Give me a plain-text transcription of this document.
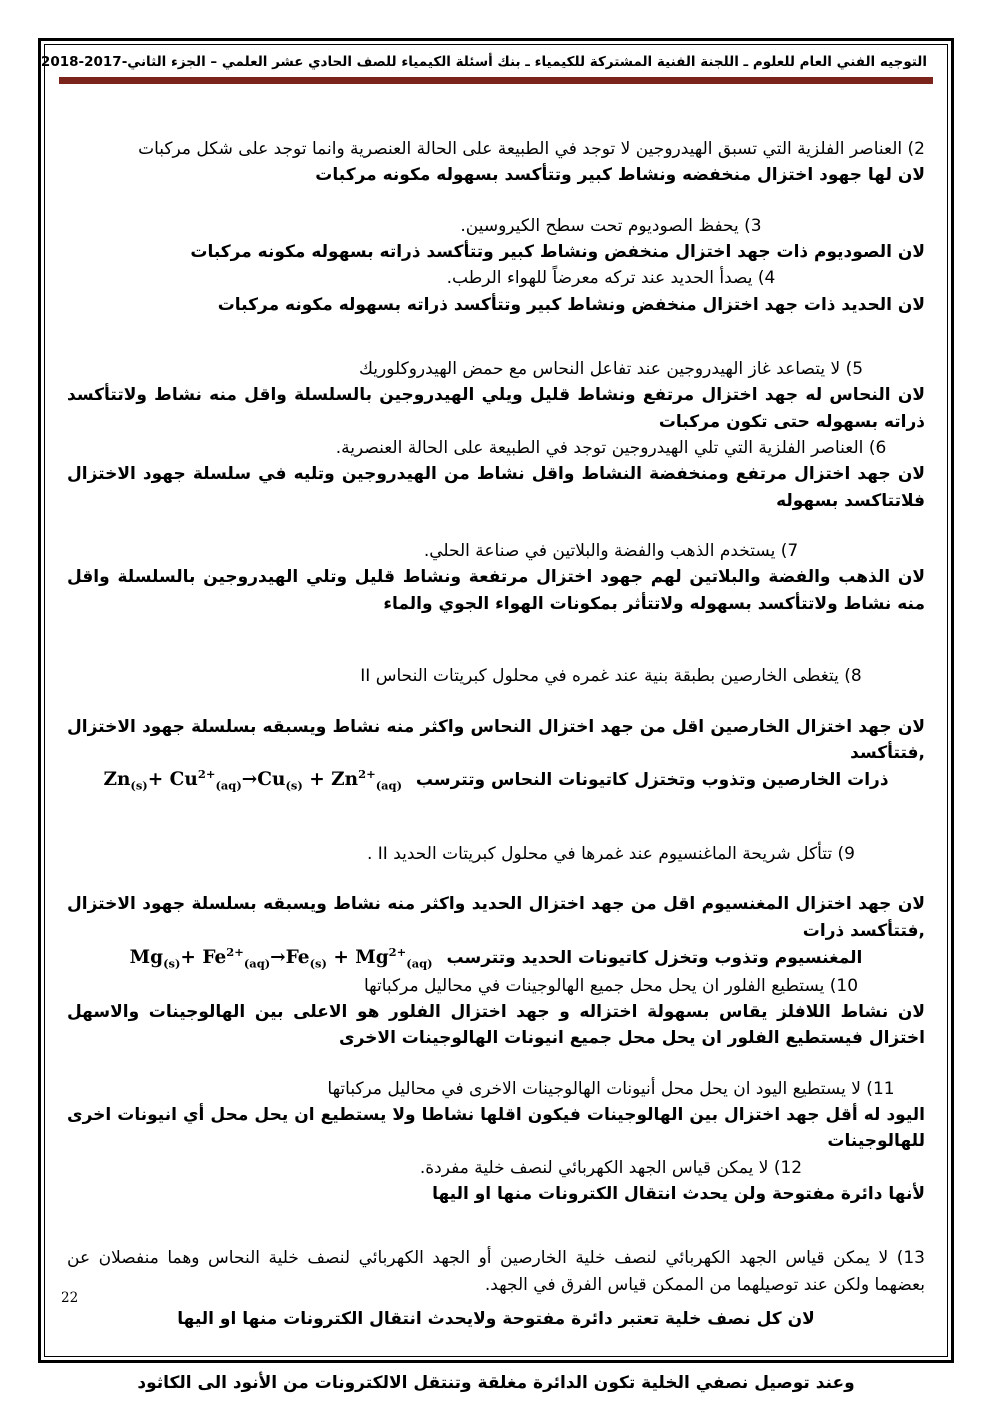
التوجيه الفني العام للعلوم ـ اللجنة الفنية المشتركة للكيمياء ـ بنك أسئلة الكيمياء للصف الحادي عشر العلمي – الجزء الثاني-2017-2018

2) العناصر الفلزية التي تسبق الهيدروجين لا توجد في الطبيعة على الحالة العنصرية وانما توجد على شكل مركبات

لان لها جهود اختزال منخفضه ونشاط كبير وتتأكسد بسهوله مكونه مركبات

3) يحفظ الصوديوم تحت سطح الكيروسين.

لان الصوديوم ذات جهد اختزال منخفض ونشاط كبير وتتأكسد ذراته بسهوله مكونه مركبات

4) يصدأ الحديد عند تركه معرضاً للهواء الرطب.

لان الحديد ذات جهد اختزال منخفض ونشاط كبير وتتأكسد ذراته بسهوله مكونه مركبات

5) لا يتصاعد غاز الهيدروجين عند تفاعل النحاس مع حمض الهيدروكلوريك

لان النحاس له جهد اختزال مرتفع ونشاط قليل ويلي الهيدروجين بالسلسلة واقل منه نشاط ولاتتأكسد ذراته بسهوله حتى تكون مركبات

6) العناصر الفلزية التي تلي الهيدروجين توجد في الطبيعة على الحالة العنصرية.

لان جهد اختزال مرتفع ومنخفضة النشاط واقل نشاط من الهيدروجين وتليه في سلسلة جهود الاختزال فلاتتاكسد بسهوله

7) يستخدم الذهب والفضة والبلاتين في صناعة الحلي.

لان الذهب والفضة والبلاتين لهم جهود اختزال مرتفعة ونشاط قليل وتلي الهيدروجين بالسلسلة واقل منه نشاط ولاتتأكسد بسهوله ولاتتأثر بمكونات الهواء الجوي والماء

8) يتغطى الخارصين بطبقة بنية عند غمره في محلول كبريتات النحاس II

لان جهد اختزال الخارصين اقل من جهد اختزال النحاس واكثر منه نشاط ويسبقه بسلسلة جهود الاختزال ,فتتأكسد

ذرات الخارصين وتذوب وتختزل كاتيونات النحاس وتترسب $Zn_{(s)}+ Cu^{2+}_{(aq)}\to Cu_{(s)} + Zn^{2+}_{(aq)}$

9) تتأكل شريحة الماغنسيوم عند غمرها في محلول كبريتات الحديد II .

لان جهد اختزال المغنسيوم اقل من جهد اختزال الحديد واكثر منه نشاط ويسبقه بسلسلة جهود الاختزال ,فتتأكسد ذرات

المغنسيوم وتذوب وتخزل كاتيونات الحديد وتترسب $Mg_{(s)}+ Fe^{2+}_{(aq)}\to Fe_{(s)} + Mg^{2+}_{(aq)}$

10) يستطيع الفلور ان يحل محل جميع الهالوجينات في محاليل مركباتها

لان نشاط اللافلز يقاس بسهولة اختزاله و جهد اختزال الفلور هو الاعلى بين الهالوجينات والاسهل اختزال فيستطيع الفلور ان يحل محل جميع انيونات الهالوجينات الاخرى

11) لا يستطيع اليود ان يحل محل أنيونات الهالوجينات الاخرى في محاليل مركباتها

اليود له أقل جهد اختزال بين الهالوجينات فيكون اقلها نشاطا ولا يستطيع ان يحل محل أي انيونات اخرى للهالوجينات

12) لا يمكن قياس الجهد الكهربائي لنصف خلية مفردة.

لأنها دائرة مفتوحة ولن يحدث انتقال الكترونات منها او اليها

13) لا يمكن قياس الجهد الكهربائي لنصف خلية الخارصين أو الجهد الكهربائي لنصف خلية النحاس وهما منفصلان عن بعضهما ولكن عند توصيلهما من الممكن قياس الفرق في الجهد.

لان كل نصف خلية تعتبر دائرة مفتوحة ولايحدث انتقال الكترونات منها او اليها

وعند توصيل نصفي الخلية تكون الدائرة مغلقة وتنتقل الالكترونات من الأنود الى الكاثود

22
